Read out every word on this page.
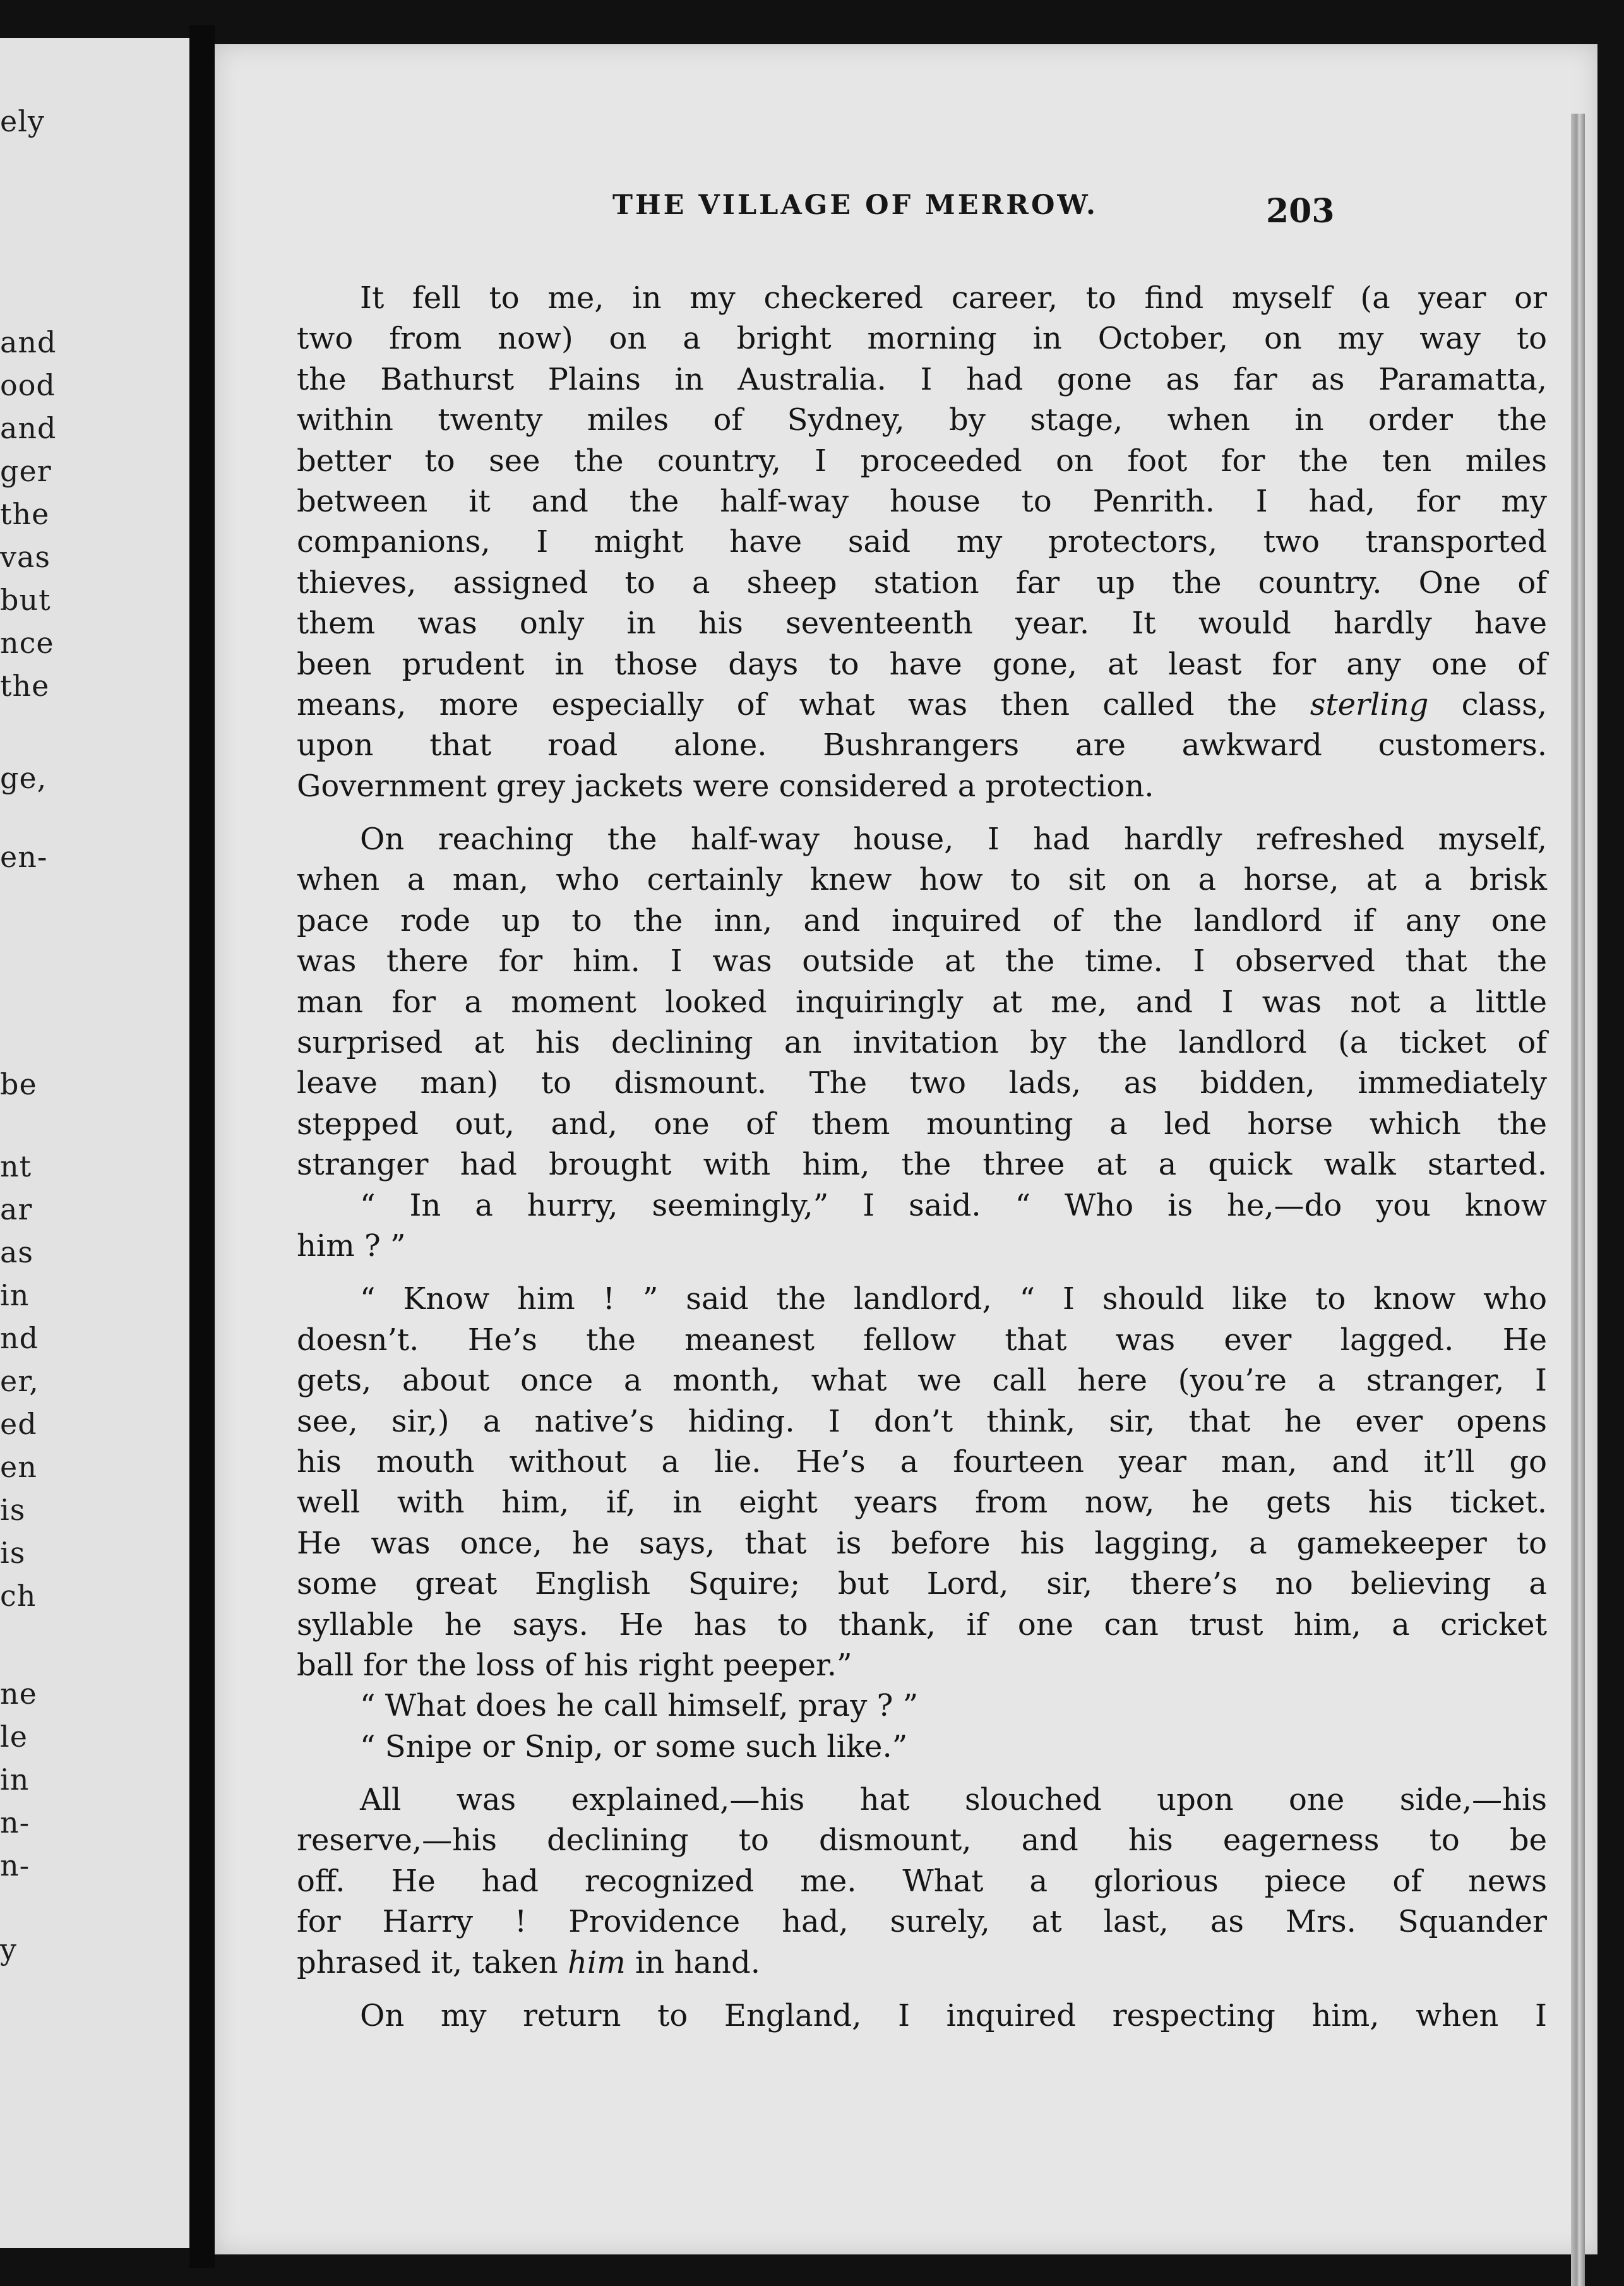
ely
and
ood
and
ger
the
vas
but
nce
the
ge,
en-
be
nt
ar
as
in
nd
er,
ed
en
is
is
ch
ne
le
in
n-
n-
y
THE VILLAGE OF MERROW.	203
It fell to me, in my checkered career, to find myself (a year or
two from now) on a bright morning in October, on my way to
the Bathurst Plains in Australia. I had gone as far as Paramatta,
within twenty miles of Sydney, by stage, when in order the
better to see the country, I proceeded on foot for the ten miles
between it and the half-way house to Penrith. I had, for my
companions, I might have said my protectors, two transported
thieves, assigned to a sheep station far up the country. One of
them was only in his seventeenth year. It would hardly have
been prudent in those days to have gone, at least for any one of
means, more especially of what was then called the sterling class,
upon that road alone. Bushrangers are awkward customers.
Government grey jackets were considered a protection.
On reaching the half-way house, I had hardly refreshed myself,
when a man, who certainly knew how to sit on a horse, at a brisk
pace rode up to the inn, and inquired of the landlord if any one
was there for him. I was outside at the time. I observed that the
man for a moment looked inquiringly at me, and I was not a little
surprised at his declining an invitation by the landlord (a ticket of
leave man) to dismount. The two lads, as bidden, immediately
stepped out, and, one of them mounting a led horse which the
stranger had brought with him, the three at a quick walk started.
“ In a hurry, seemingly,” I said. “ Who is he,—do you know
him ? ”
“ Know him ! ” said the landlord, “ I should like to know who
doesn’t. He’s the meanest fellow that was ever lagged. He
gets, about once a month, what we call here (you’re a stranger, I
see, sir,) a native’s hiding. I don’t think, sir, that he ever opens
his mouth without a lie. He’s a fourteen year man, and it’ll go
well with him, if, in eight years from now, he gets his ticket.
He was once, he says, that is before his lagging, a gamekeeper to
some great English Squire; but Lord, sir, there’s no believing a
syllable he says. He has to thank, if one can trust him, a cricket
ball for the loss of his right peeper.”
“ What does he call himself, pray ? ”
“ Snipe or Snip, or some such like.”
All was explained,—his hat slouched upon one side,—his
reserve,—his declining to dismount, and his eagerness to be
off. He had recognized me. What a glorious piece of news
for Harry ! Providence had, surely, at last, as Mrs. Squander
phrased it, taken him in hand.
On my return to England, I inquired respecting him, when I
